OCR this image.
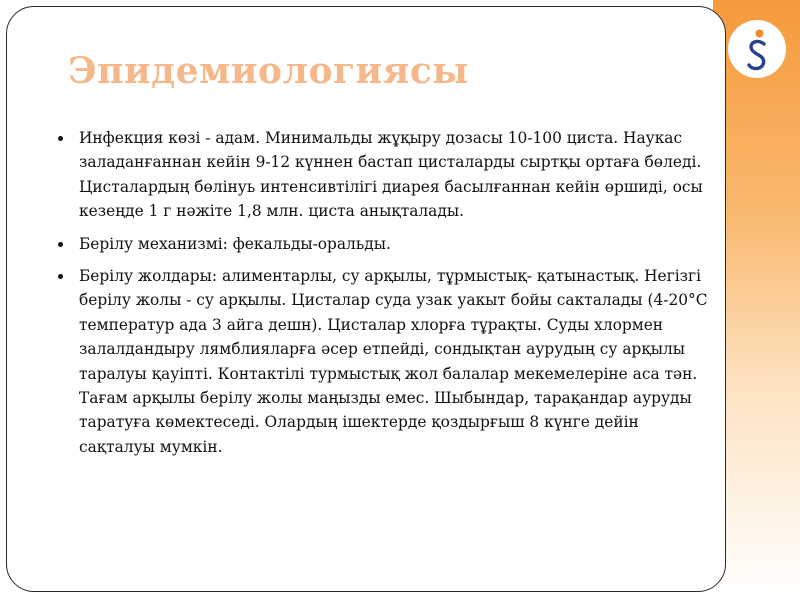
Эпидемиологиясы
Инфекция көзі - адам. Минимальды жұқыру дозасы 10-100 циста. Наукас заладанғаннан кейін 9-12 күннен бастап цисталарды сыртқы ортаға бөледі. Цисталардың бөлінуь интенсивтілігі диарея басылғаннан кейін өршиді, осы кезеңде 1 г нәжіте 1,8 млн. циста анықталады.
Берілу механизмі: фекальды-оральды.
Берілу жолдары: алиментарлы, су арқылы, тұрмыстық- қатынастық. Негізгі берілу жолы - су арқылы. Цисталар суда узак уакыт бойы сакталады (4-20°С температур ада 3 айга дешн). Цисталар хлорға тұрақты. Суды хлормен залалдандыру лямблияларға әсер етпейді, сондықтан аурудың су арқылы таралуы қауіпті. Контактілі турмыстық жол балалар мекемелеріне аса тән. Тағам арқылы берілу жолы маңызды емес. Шыбындар, тарақандар ауруды таратуға көмектеседі. Олардың ішектерде қоздырғыш 8 күнге дейін сақталуы мумкін.
